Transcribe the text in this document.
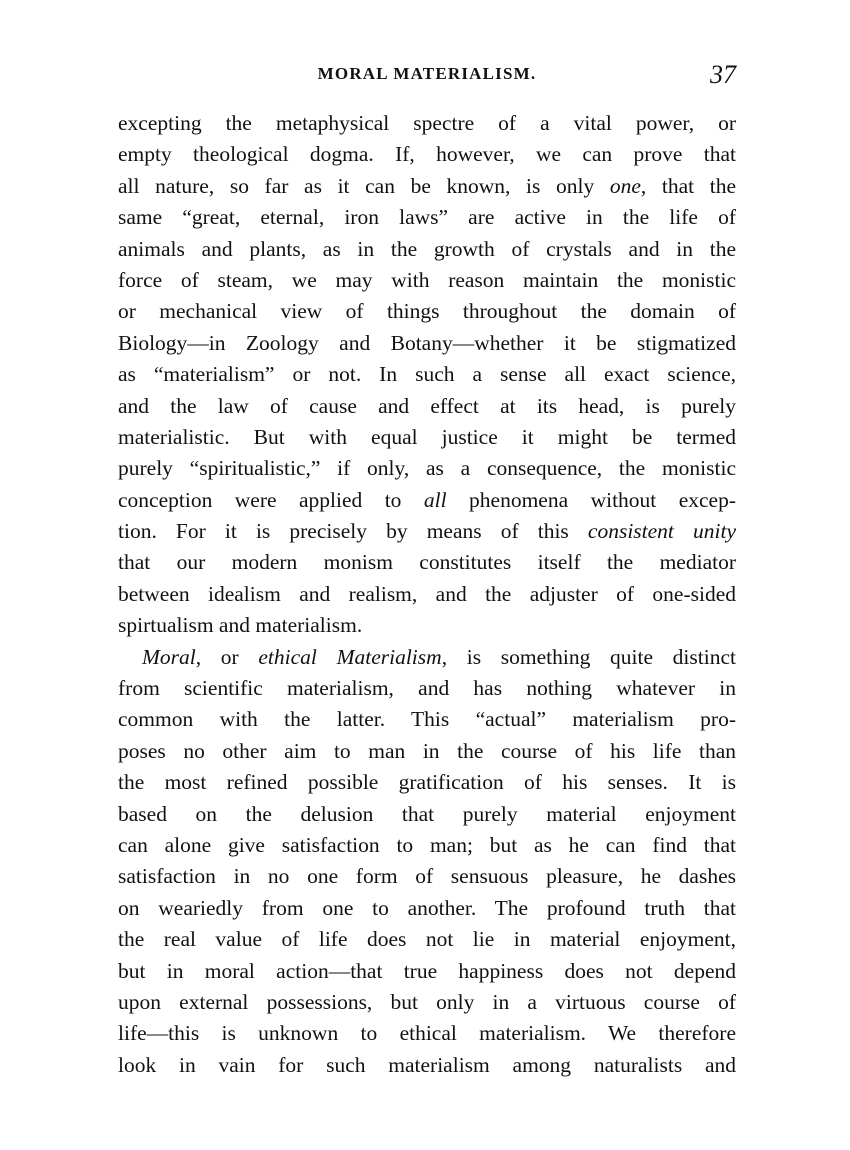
MORAL MATERIALISM.	37
excepting the metaphysical spectre of a vital power, or
empty theological dogma. If, however, we can prove that
all nature, so far as it can be known, is only one, that the
same “great, eternal, iron laws” are active in the life of
animals and plants, as in the growth of crystals and in the
force of steam, we may with reason maintain the monistic
or mechanical view of things throughout the domain of
Biology—in Zoology and Botany—whether it be stigmatized
as “materialism” or not. In such a sense all exact science,
and the law of cause and effect at its head, is purely
materialistic. But with equal justice it might be termed
purely “spiritualistic,” if only, as a consequence, the monistic
conception were applied to all phenomena without excep-
tion. For it is precisely by means of this consistent unity
that our modern monism constitutes itself the mediator
between idealism and realism, and the adjuster of one-sided
spirtualism and materialism.
Moral, or ethical Materialism, is something quite distinct
from scientific materialism, and has nothing whatever in
common with the latter. This “actual” materialism pro-
poses no other aim to man in the course of his life than
the most refined possible gratification of his senses. It is
based on the delusion that purely material enjoyment
can alone give satisfaction to man; but as he can find that
satisfaction in no one form of sensuous pleasure, he dashes
on weariedly from one to another. The profound truth that
the real value of life does not lie in material enjoyment,
but in moral action—that true happiness does not depend
upon external possessions, but only in a virtuous course of
life—this is unknown to ethical materialism. We therefore
look in vain for such materialism among naturalists and
